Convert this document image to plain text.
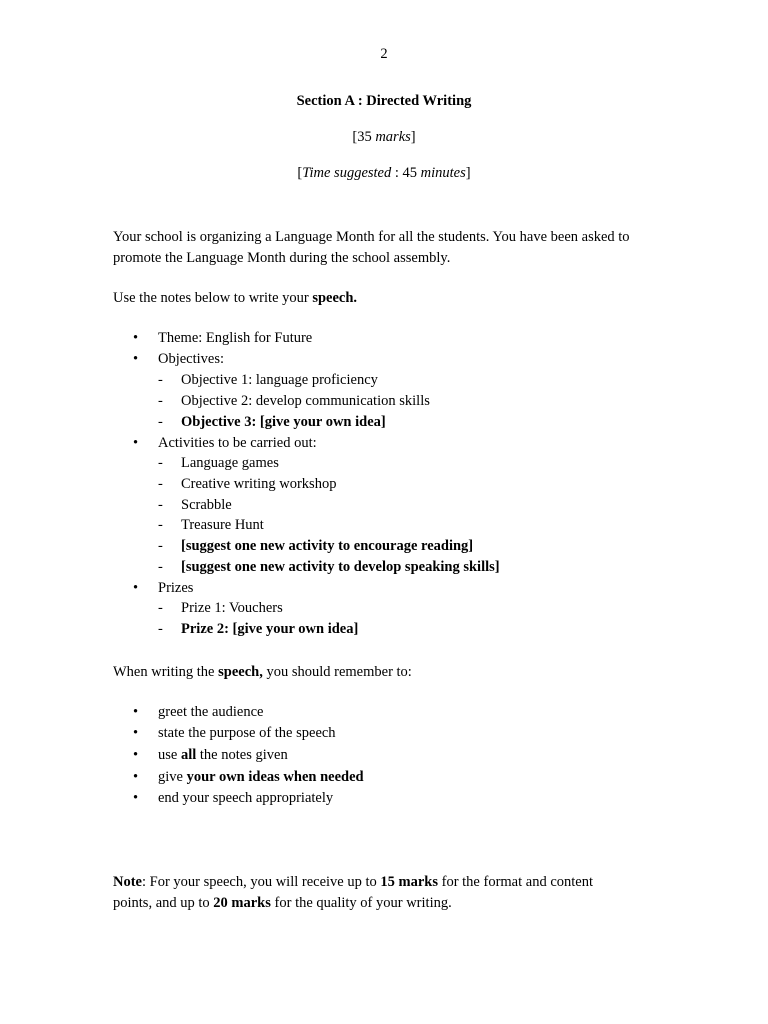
2
Section A : Directed Writing
[35 marks]
[Time suggested : 45 minutes]
Your school is organizing a Language Month for all the students. You have been asked to
promote the Language Month during the school assembly.
Use the notes below to write your speech.
Theme: English for Future
Objectives:
- Objective 1: language proficiency
- Objective 2: develop communication skills
- Objective 3: [give your own idea]
Activities to be carried out:
- Language games
- Creative writing workshop
- Scrabble
- Treasure Hunt
- [suggest one new activity to encourage reading]
- [suggest one new activity to develop speaking skills]
Prizes
- Prize 1: Vouchers
- Prize 2: [give your own idea]
When writing the speech, you should remember to:
greet the audience
state the purpose of the speech
use all the notes given
give your own ideas when needed
end your speech appropriately
Note: For your speech, you will receive up to 15 marks for the format and content
points, and up to 20 marks for the quality of your writing.
